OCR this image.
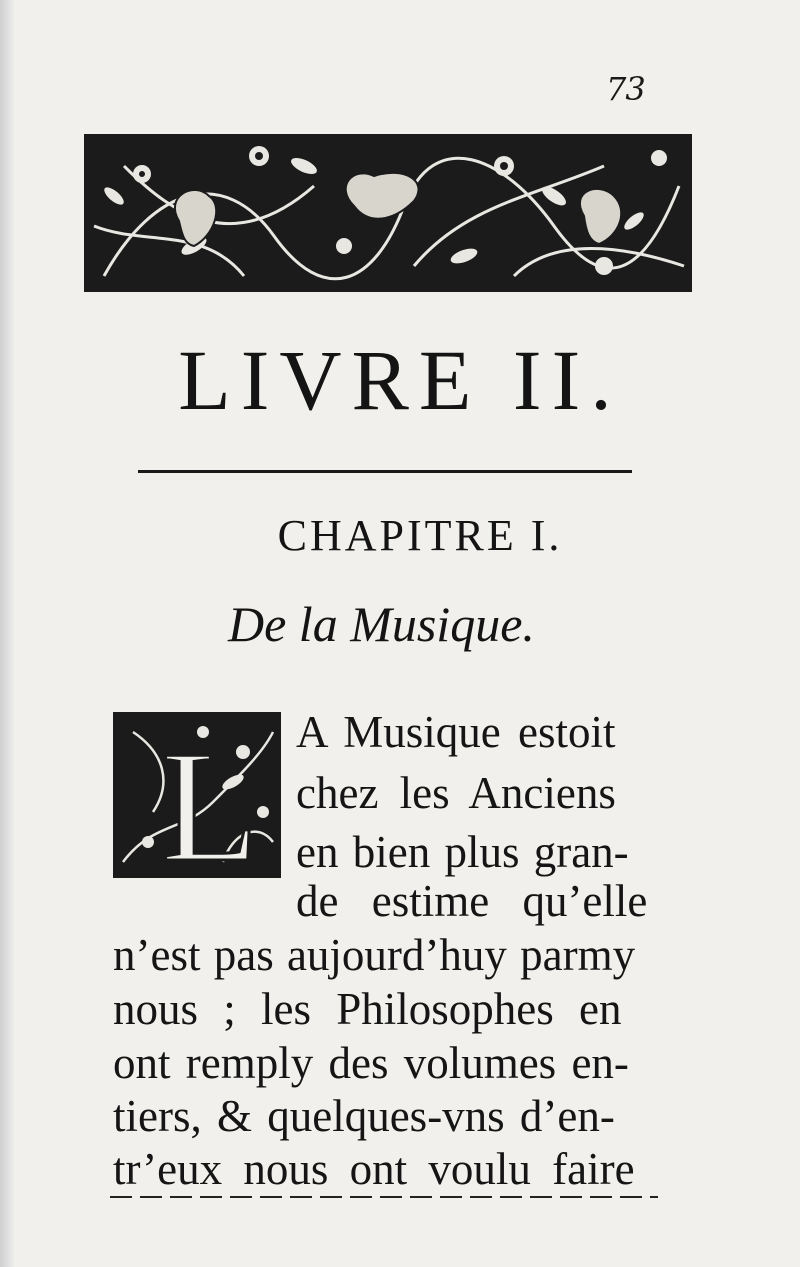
73
LIVRE II.
CHAPITRE I.
De la Musique.
L A Musique estoit

chez les Anciens

en bien plus gran-

de estime qu’elle

n’est pas aujourd’huy parmy

nous ; les Philosophes en

ont remply des volumes en-

tiers, & quelques-vns d’en-

tr’eux nous ont voulu faire
